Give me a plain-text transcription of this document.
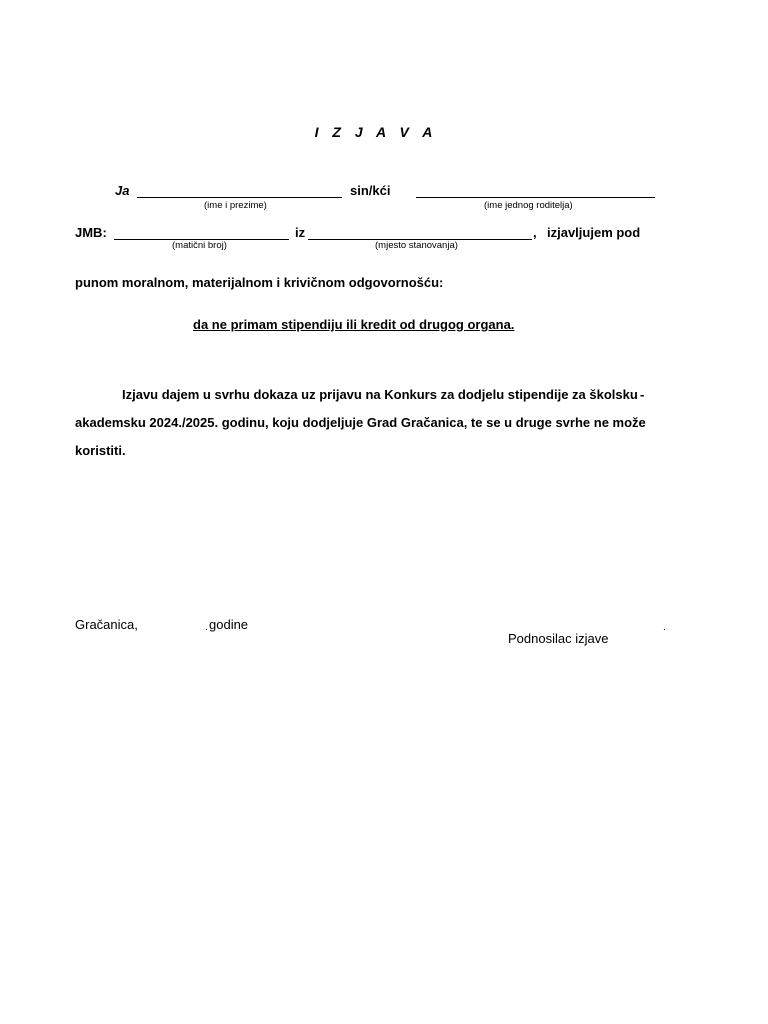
I Z J A V A
Ja	sin/kći
(ime i prezime)	(ime jednog roditelja)
JMB:	iz	, izjavljujem pod
(matični broj)	(mjesto stanovanja)
punom moralnom, materijalnom i krivičnom odgovornošću:
da ne primam stipendiju ili kredit od drugog organa.
Izjavu dajem u svrhu dokaza uz prijavu na Konkurs za dodjelu stipendije za školsku -
akademsku 2024./2025. godinu, koju dodjeljuje Grad Gračanica, te se u druge svrhe ne može
koristiti.
Gračanica,	. godine
Podnosilac izjave
.
